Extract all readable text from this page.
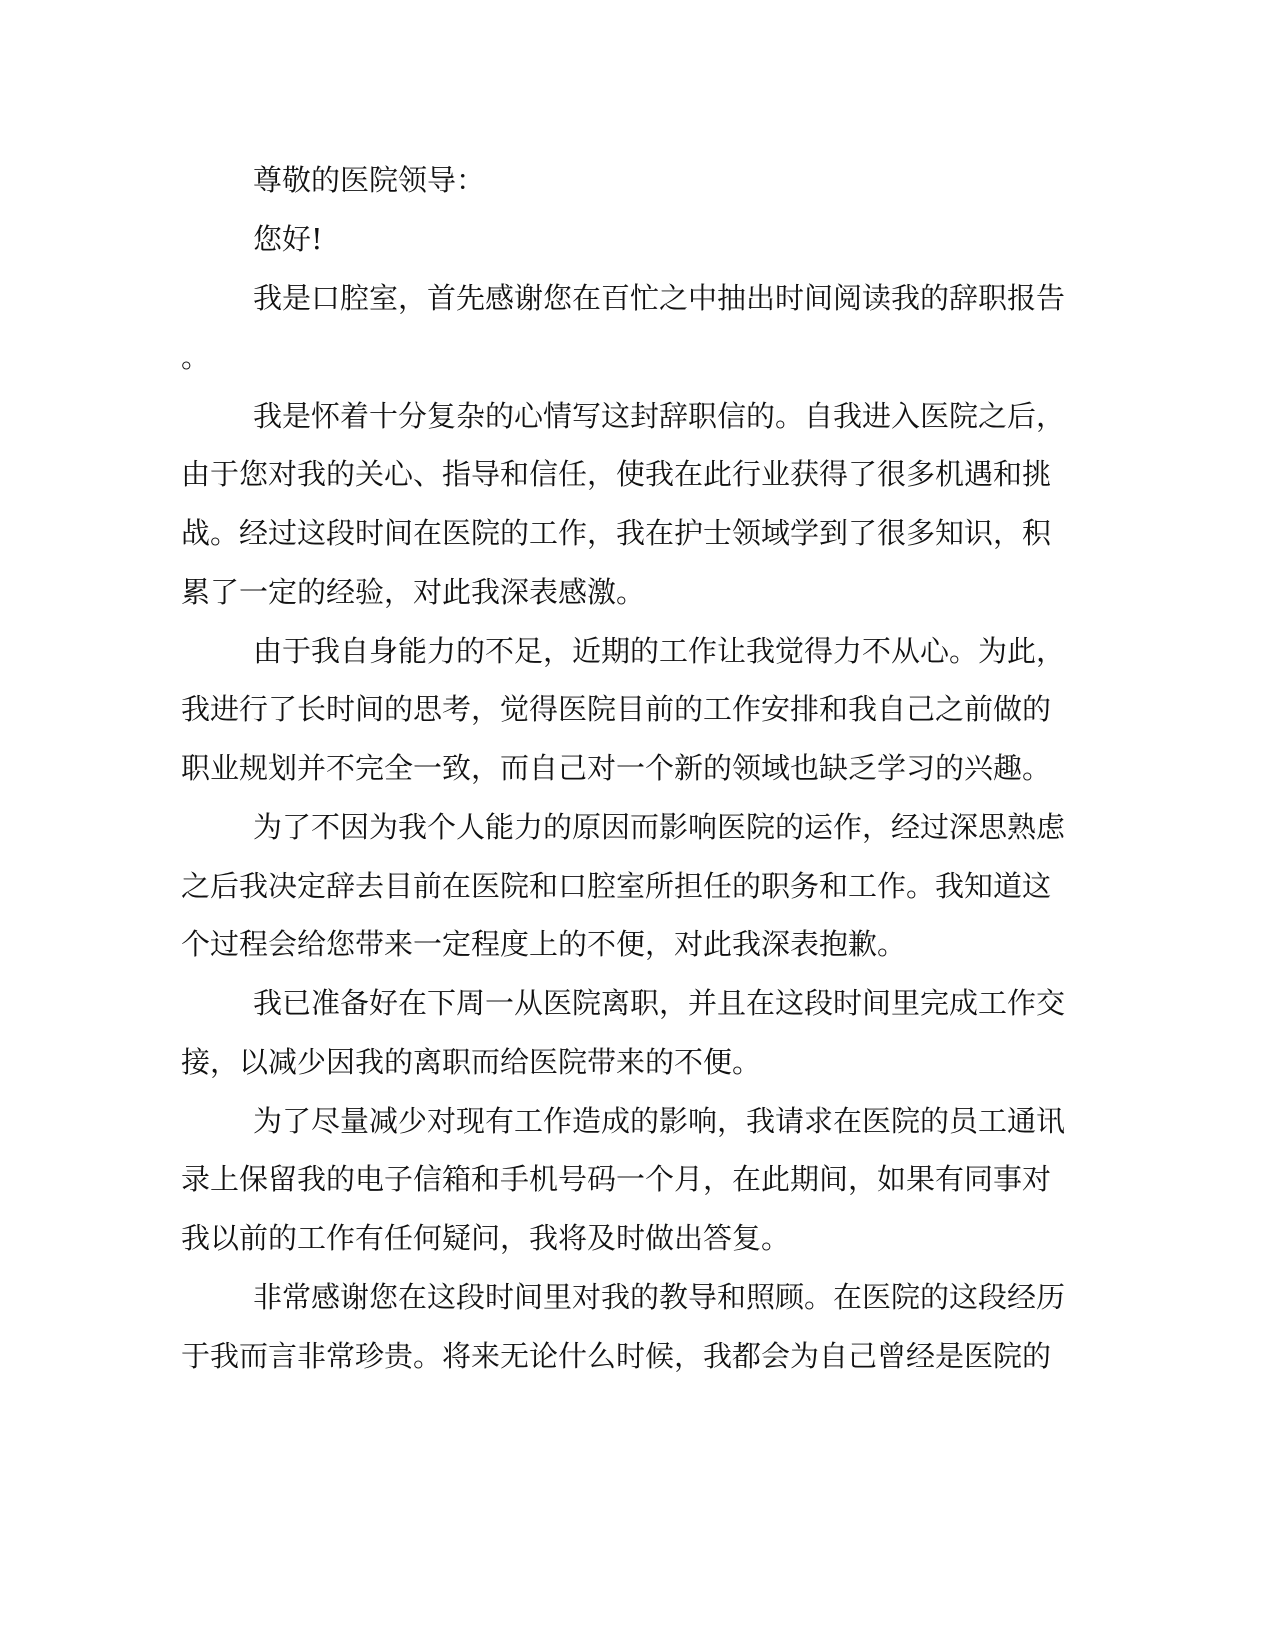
尊敬的医院领导：
您好!
我是口腔室，首先感谢您在百忙之中抽出时间阅读我的辞职报告
。
我是怀着十分复杂的心情写这封辞职信的。自我进入医院之后，
由于您对我的关心、指导和信任，使我在此行业获得了很多机遇和挑
战。经过这段时间在医院的工作，我在护士领域学到了很多知识，积
累了一定的经验，对此我深表感激。
由于我自身能力的不足，近期的工作让我觉得力不从心。为此，
我进行了长时间的思考，觉得医院目前的工作安排和我自己之前做的
职业规划并不完全一致，而自己对一个新的领域也缺乏学习的兴趣。
为了不因为我个人能力的原因而影响医院的运作，经过深思熟虑
之后我决定辞去目前在医院和口腔室所担任的职务和工作。我知道这
个过程会给您带来一定程度上的不便，对此我深表抱歉。
我已准备好在下周一从医院离职，并且在这段时间里完成工作交
接，以减少因我的离职而给医院带来的不便。
为了尽量减少对现有工作造成的影响，我请求在医院的员工通讯
录上保留我的电子信箱和手机号码一个月，在此期间，如果有同事对
我以前的工作有任何疑问，我将及时做出答复。
非常感谢您在这段时间里对我的教导和照顾。在医院的这段经历
于我而言非常珍贵。将来无论什么时候，我都会为自己曾经是医院的
